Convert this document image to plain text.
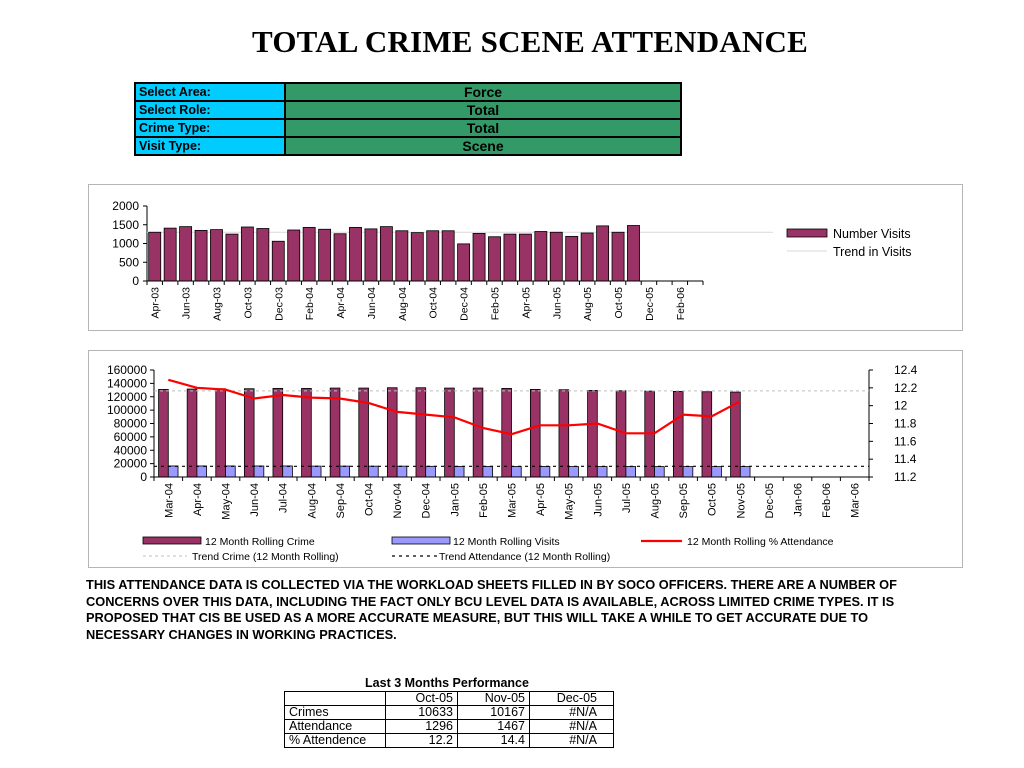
TOTAL CRIME SCENE ATTENDANCE
Select Area:	Force
Select Role:	Total
Crime Type:	Total
Visit Type:	Scene
0
500
1000
1500
2000
Apr-03 Jun-03 Aug-03 Oct-03 Dec-03 Feb-04 Apr-04 Jun-04 Aug-04 Oct-04 Dec-04 Feb-05 Apr-05 Jun-05 Aug-05 Oct-05 Dec-05 Feb-06
Number Visits
Trend in Visits
0
20000
40000
60000
80000
100000
120000
140000
160000
11.2
11.4
11.6
11.8
12
12.2
12.4
Mar-04 Apr-04 May-04 Jun-04 Jul-04 Aug-04 Sep-04 Oct-04 Nov-04 Dec-04 Jan-05 Feb-05 Mar-05 Apr-05 May-05 Jun-05 Jul-05 Aug-05 Sep-05 Oct-05 Nov-05 Dec-05 Jan-06 Feb-06 Mar-06
12 Month Rolling Crime	12 Month Rolling Visits	12 Month Rolling % Attendance
Trend Crime (12 Month Rolling)	Trend Attendance (12 Month Rolling)
THIS ATTENDANCE DATA IS COLLECTED VIA THE WORKLOAD SHEETS FILLED IN BY SOCO OFFICERS. THERE ARE A NUMBER OF CONCERNS OVER THIS DATA, INCLUDING THE FACT ONLY BCU LEVEL DATA IS AVAILABLE, ACROSS LIMITED CRIME TYPES. IT IS PROPOSED THAT CIS BE USED AS A MORE ACCURATE MEASURE, BUT THIS WILL TAKE A WHILE TO GET ACCURATE DUE TO NECESSARY CHANGES IN WORKING PRACTICES.
Last 3 Months Performance
	Oct-05	Nov-05	Dec-05
Crimes	10633	10167	#N/A
Attendance	1296	1467	#N/A
% Attendence	12.2	14.4	#N/A
